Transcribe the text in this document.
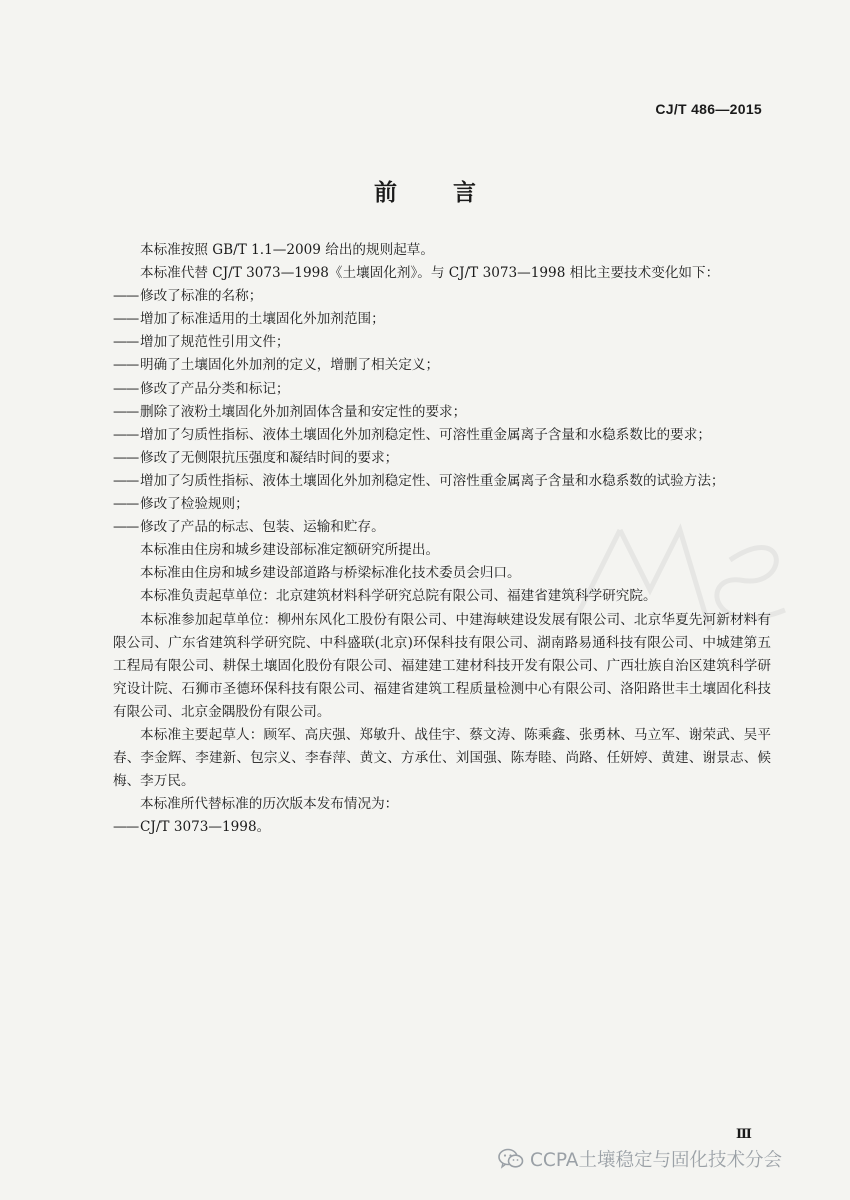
CJ/T 486—2015
前 言

本标准按照 GB/T 1.1—2009 给出的规则起草。

本标准代替 CJ/T 3073—1998《土壤固化剂》。与 CJ/T 3073—1998 相比主要技术变化如下：

—— 修改了标准的名称；

—— 增加了标准适用的土壤固化外加剂范围；

—— 增加了规范性引用文件；

—— 明确了土壤固化外加剂的定义，增删了相关定义；

—— 修改了产品分类和标记；

—— 删除了液粉土壤固化外加剂固体含量和安定性的要求；

—— 增加了匀质性指标、液体土壤固化外加剂稳定性、可溶性重金属离子含量和水稳系数比的要求；

—— 修改了无侧限抗压强度和凝结时间的要求；

—— 增加了匀质性指标、液体土壤固化外加剂稳定性、可溶性重金属离子含量和水稳系数的试验方法；

—— 修改了检验规则；

—— 修改了产品的标志、包装、运输和贮存。

本标准由住房和城乡建设部标准定额研究所提出。

本标准由住房和城乡建设部道路与桥梁标准化技术委员会归口。

本标准负责起草单位：北京建筑材料科学研究总院有限公司、福建省建筑科学研究院。

本标准参加起草单位：柳州东风化工股份有限公司、中建海峡建设发展有限公司、北京华夏先河新材料有限公司、广东省建筑科学研究院、中科盛联(北京)环保科技有限公司、湖南路易通科技有限公司、中城建第五工程局有限公司、耕保土壤固化股份有限公司、福建建工建材科技开发有限公司、广西壮族自治区建筑科学研究设计院、石狮市圣德环保科技有限公司、福建省建筑工程质量检测中心有限公司、洛阳路世丰土壤固化科技有限公司、北京金隅股份有限公司。

本标准主要起草人：顾军、高庆强、郑敏升、战佳宇、蔡文涛、陈乘鑫、张勇林、马立军、谢荣武、吴平春、李金辉、李建新、包宗义、李春萍、黄文、方承仕、刘国强、陈寿睦、尚路、任妍婷、黄建、谢景志、候梅、李万民。

本标准所代替标准的历次版本发布情况为：

—— CJ/T 3073—1998。

Ⅲ
CCPA土壤稳定与固化技术分会
